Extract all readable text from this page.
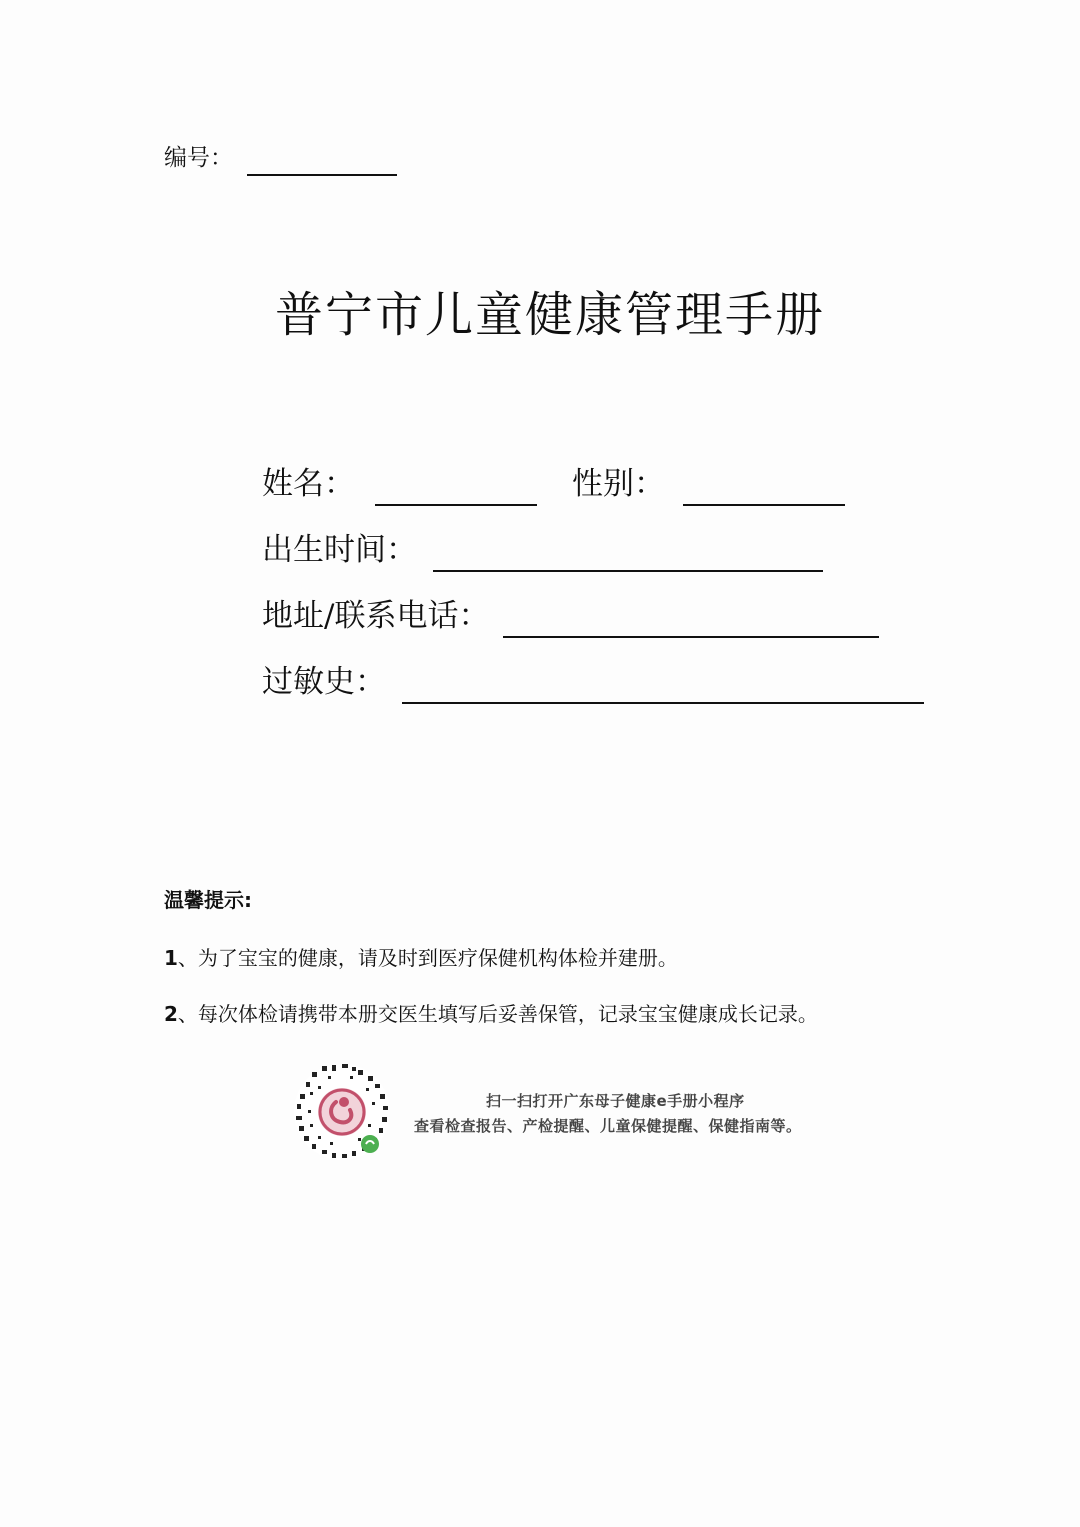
编号：
普宁市儿童健康管理手册
姓名：	性别：
出生时间：
地址/联系电话：
过敏史：
温馨提示:
1、为了宝宝的健康，请及时到医疗保健机构体检并建册。
2、每次体检请携带本册交医生填写后妥善保管，记录宝宝健康成长记录。
扫一扫打开广东母子健康e手册小程序
查看检查报告、产检提醒、儿童保健提醒、保健指南等。
